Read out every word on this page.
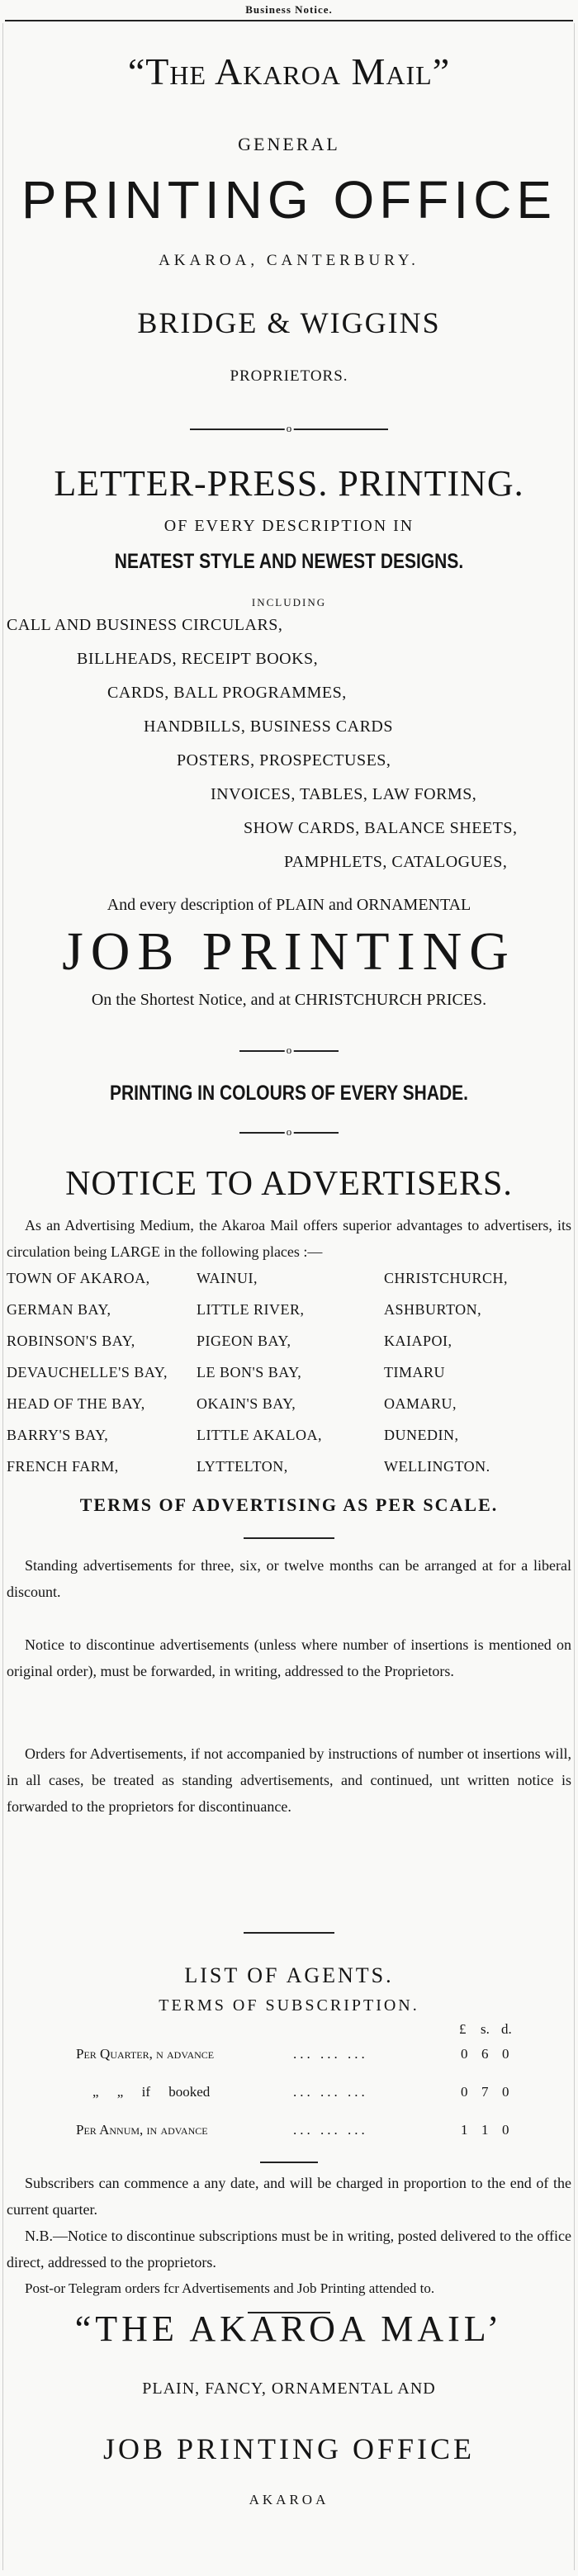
Business Notice.
“The Akaroa Mail”
GENERAL
PRINTING OFFICE
AKAROA, CANTERBURY.
BRIDGE & WIGGINS
PROPRIETORS.
o
LETTER-PRESS. PRINTING.
OF EVERY DESCRIPTION IN
NEATEST STYLE AND NEWEST DESIGNS.
INCLUDING
CALL AND BUSINESS CIRCULARS,
BILLHEADS, RECEIPT BOOKS,
CARDS, BALL PROGRAMMES,
HANDBILLS, BUSINESS CARDS
POSTERS, PROSPECTUSES,
INVOICES, TABLES, LAW FORMS,
SHOW CARDS, BALANCE SHEETS,
PAMPHLETS, CATALOGUES,
And every description of PLAIN and ORNAMENTAL
JOB PRINTING
On the Shortest Notice, and at CHRISTCHURCH PRICES.
o
PRINTING IN COLOURS OF EVERY SHADE.
o
NOTICE TO ADVERTISERS.
As an Advertising Medium, the Akaroa Mail offers superior advantages to advertisers, its circulation being LARGE in the following places :—
TOWN OF AKAROA,	WAINUI,	CHRISTCHURCH,
GERMAN BAY,	LITTLE RIVER,	ASHBURTON,
ROBINSON'S BAY,	PIGEON BAY,	KAIAPOI,
DEVAUCHELLE'S BAY, LE BON'S BAY,	TIMARU
HEAD OF THE BAY,	OKAIN'S BAY,	OAMARU,
BARRY'S BAY,	LITTLE AKALOA,	DUNEDIN,
FRENCH FARM,	LYTTELTON,	WELLINGTON.
TERMS OF ADVERTISING AS PER SCALE.
Standing advertisements for three, six, or twelve months can be arranged at for a liberal discount.
Notice to discontinue advertisements (unless where number of insertions is mentioned on original order), must be forwarded, in writing, addressed to the Proprietors.
Orders for Advertisements, if not accompanied by instructions of number ot insertions will, in all cases, be treated as standing advertisements, and continued, unt written notice is forwarded to the proprietors for discontinuance.
LIST OF AGENTS.
TERMS OF SUBSCRIPTION.
£ s. d.
Per Quarter, n advance	... ... ...	0 6 0
„ „ if booked	... ... ...	0 7 0
Per Annum, in advance	... ... ...	1 1 0
Subscribers can commence a any date, and will be charged in proportion to the end of the current quarter.
N.B.—Notice to discontinue subscriptions must be in writing, posted delivered to the office direct, addressed to the proprietors.
Post-or Telegram orders fcr Advertisements and Job Printing attended to.
“THE AKAROA MAIL’
PLAIN, FANCY, ORNAMENTAL AND
JOB PRINTING OFFICE
AKAROA
